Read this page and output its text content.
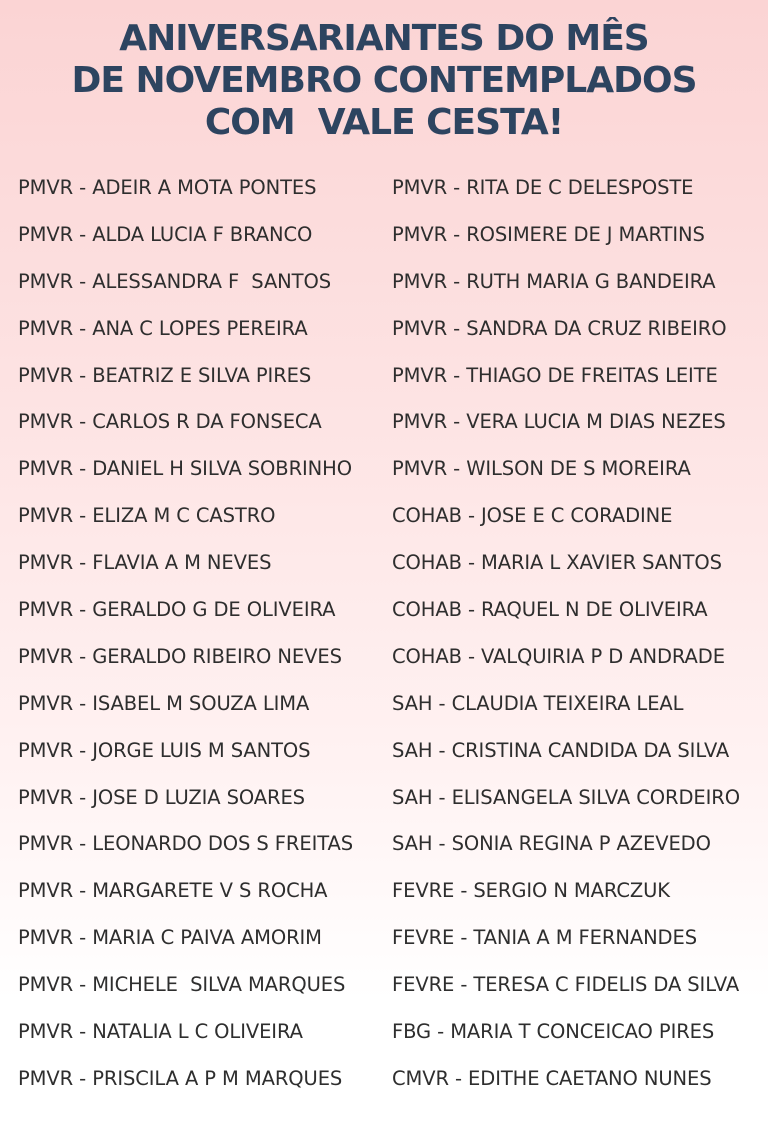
ANIVERSARIANTES DO MÊS
DE NOVEMBRO CONTEMPLADOS
COM  VALE CESTA!
PMVR - ADEIR A MOTA PONTES
PMVR - ALDA LUCIA F BRANCO
PMVR - ALESSANDRA F  SANTOS
PMVR - ANA C LOPES PEREIRA
PMVR - BEATRIZ E SILVA PIRES
PMVR - CARLOS R DA FONSECA
PMVR - DANIEL H SILVA SOBRINHO
PMVR - ELIZA M C CASTRO
PMVR - FLAVIA A M NEVES
PMVR - GERALDO G DE OLIVEIRA
PMVR - GERALDO RIBEIRO NEVES
PMVR - ISABEL M SOUZA LIMA
PMVR - JORGE LUIS M SANTOS
PMVR - JOSE D LUZIA SOARES
PMVR - LEONARDO DOS S FREITAS
PMVR - MARGARETE V S ROCHA
PMVR - MARIA C PAIVA AMORIM
PMVR - MICHELE  SILVA MARQUES
PMVR - NATALIA L C OLIVEIRA
PMVR - PRISCILA A P M MARQUES
PMVR - RITA DE C DELESPOSTE
PMVR - ROSIMERE DE J MARTINS
PMVR - RUTH MARIA G BANDEIRA
PMVR - SANDRA DA CRUZ RIBEIRO
PMVR - THIAGO DE FREITAS LEITE
PMVR - VERA LUCIA M DIAS NEZES
PMVR - WILSON DE S MOREIRA
COHAB - JOSE E C CORADINE
COHAB - MARIA L XAVIER SANTOS
COHAB - RAQUEL N DE OLIVEIRA
COHAB - VALQUIRIA P D ANDRADE
SAH - CLAUDIA TEIXEIRA LEAL
SAH - CRISTINA CANDIDA DA SILVA
SAH - ELISANGELA SILVA CORDEIRO
SAH - SONIA REGINA P AZEVEDO
FEVRE - SERGIO N MARCZUK
FEVRE - TANIA A M FERNANDES
FEVRE - TERESA C FIDELIS DA SILVA
FBG - MARIA T CONCEICAO PIRES
CMVR - EDITHE CAETANO NUNES
